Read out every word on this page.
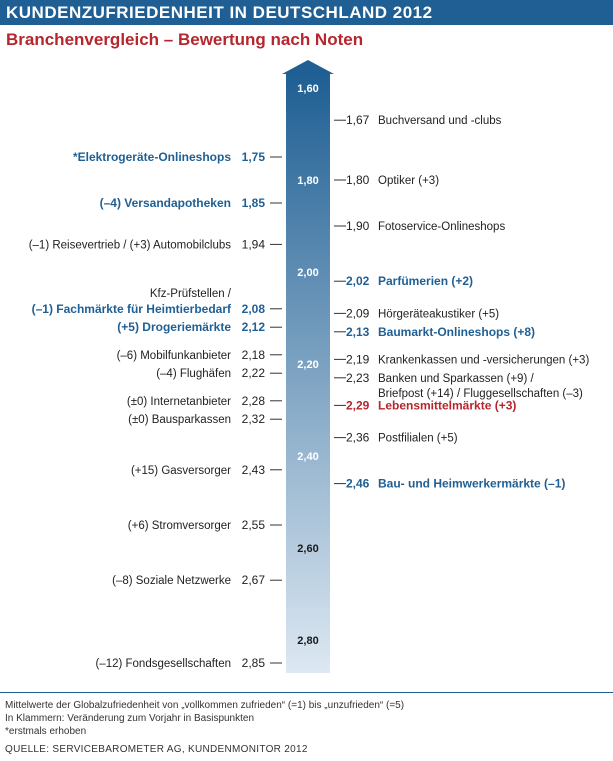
KUNDENZUFRIEDENHEIT IN DEUTSCHLAND 2012
Branchenvergleich – Bewertung nach Noten
1,60
1,80
2,00
2,20
2,40
2,60
2,80
1,75
*Elektrogeräte-Onlineshops
1,85
(–4) Versandapotheken
1,94
(–1) Reisevertrieb / (+3) Automobilclubs
2,08
(–1) Fachmärkte für Heimtierbedarf
Kfz-Prüfstellen /
2,12
(+5) Drogeriemärkte
2,18
(–6) Mobilfunkanbieter
2,22
(–4) Flughäfen
2,28
(±0) Internetanbieter
2,32
(±0) Bausparkassen
2,43
(+15) Gasversorger
2,55
(+6) Stromversorger
2,67
(–8) Soziale Netzwerke
2,85
(–12) Fondsgesellschaften
1,67 Buchversand und -clubs
1,80 Optiker (+3)
1,90 Fotoservice-Onlineshops
2,02 Parfümerien (+2)
2,09 Hörgeräteakustiker (+5)
2,13 Baumarkt-Onlineshops (+8)
2,19 Krankenkassen und -versicherungen (+3)
2,23 Banken und Sparkassen (+9) /
Briefpost (+14) / Fluggesellschaften (–3)
2,29 Lebensmittelmärkte (+3)
2,36 Postfilialen (+5)
2,46 Bau- und Heimwerkermärkte (–1)
Mittelwerte der Globalzufriedenheit von „vollkommen zufrieden“ (=1) bis „unzufrieden“ (=5)
In Klammern: Veränderung zum Vorjahr in Basispunkten
*erstmals erhoben
QUELLE: SERVICEBAROMETER AG, KUNDENMONITOR 2012
